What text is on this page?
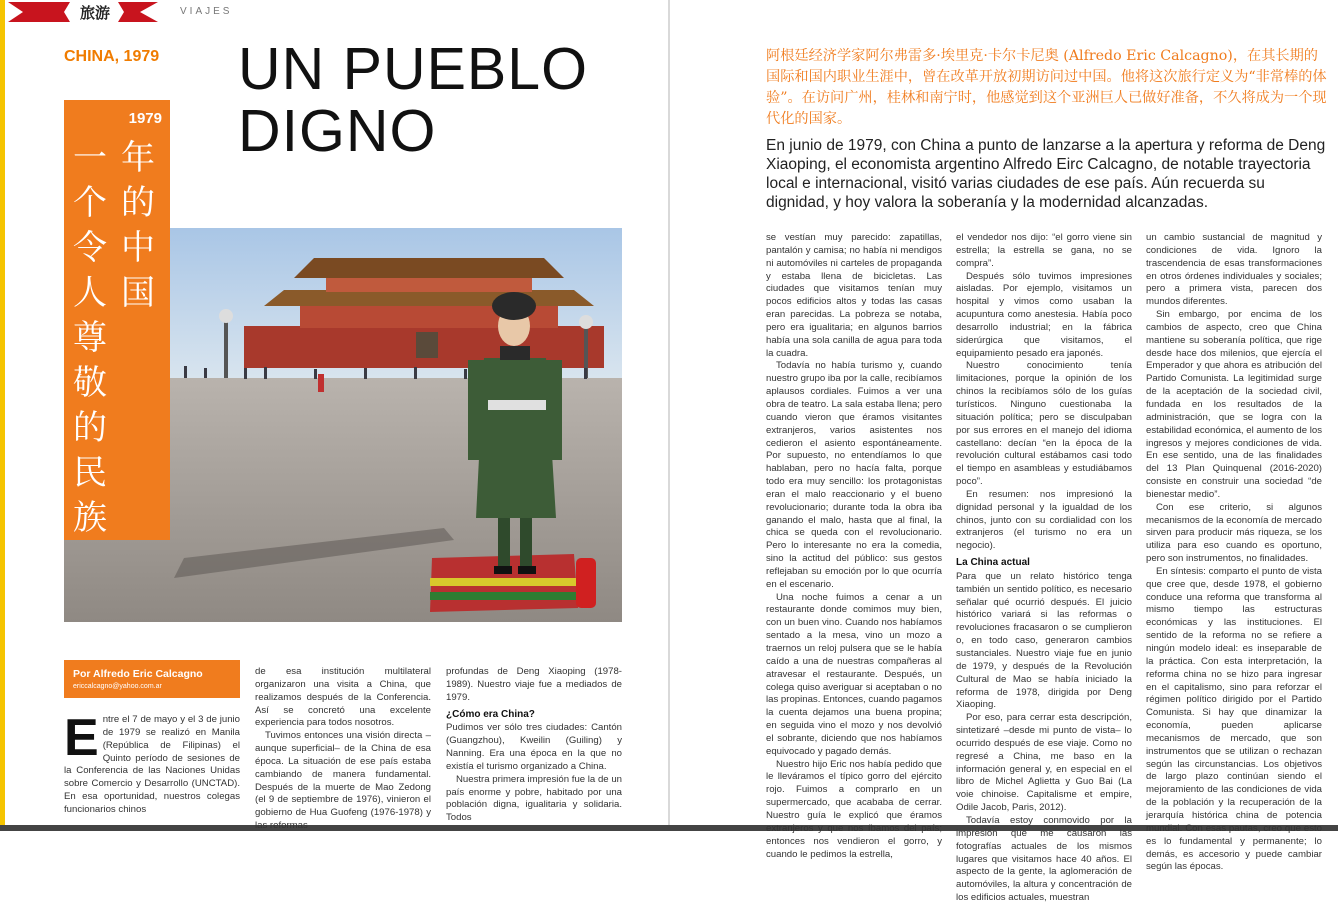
旅游	VIAJES
CHINA, 1979 UN PUEBLO
DIGNO
1979
年
的
中
国
一
个
令
人
尊
敬
的
民
族
Por Alfredo Eric Calcagno
ericcalcagno@yahoo.com.ar
阿根廷经济学家阿尔弗雷多·埃里克·卡尔卡尼奥 (Alfredo Eric Calcagno)，在其长期的国际和国内职业生涯中，曾在改革开放初期访问过中国。他将这次旅行定义为“非常棒的体验”。在访问广州，桂林和南宁时，他感觉到这个亚洲巨人已做好准备，不久将成为一个现代化的国家。
En junio de 1979, con China a punto de lanzarse a la apertura y reforma de Deng Xiaoping, el economista argentino Alfredo Eirc Calcagno, de notable trayectoria local e internacional, visitó varias ciudades de ese país. Aún recuerda su dignidad, y hoy valora la soberanía y la modernidad alcanzadas.

Entre el 7 de mayo y el 3 de junio de 1979 se realizó en Manila (República de Filipinas) el Quinto período de sesiones de la Conferencia de las Naciones Unidas sobre Comercio y Desarrollo (UNCTAD). En esa oportunidad, nuestros colegas funcionarios chinos

de esa institución multilateral organizaron una visita a China, que realizamos después de la Conferencia. Así se concretó una excelente experiencia para todos nosotros.

Tuvimos entonces una visión directa –aunque superficial– de la China de esa época. La situación de ese país estaba cambiando de manera fundamental. Después de la muerte de Mao Zedong (el 9 de septiembre de 1976), vinieron el gobierno de Hua Guofeng (1976-1978) y las reformas

profundas de Deng Xiaoping (1978-1989). Nuestro viaje fue a mediados de 1979.

¿Cómo era China?

Pudimos ver sólo tres ciudades: Cantón (Guangzhou), Kweilin (Guiling) y Nanning. Era una época en la que no existía el turismo organizado a China.

Nuestra primera impresión fue la de un país enorme y pobre, habitado por una población digna, igualitaria y solidaria. Todos

se vestían muy parecido: zapatillas, pantalón y camisa; no había ni mendigos ni automóviles ni carteles de propaganda y estaba llena de bicicletas. Las ciudades que visitamos tenían muy pocos edificios altos y todas las casas eran parecidas. La pobreza se notaba, pero era igualitaria; en algunos barrios había una sola canilla de agua para toda la cuadra.

Todavía no había turismo y, cuando nuestro grupo iba por la calle, recibíamos aplausos cordiales. Fuimos a ver una obra de teatro. La sala estaba llena; pero cuando vieron que éramos visitantes extranjeros, varios asistentes nos cedieron el asiento espontáneamente. Por supuesto, no entendíamos lo que hablaban, pero no hacía falta, porque todo era muy sencillo: los protagonistas eran el malo reaccionario y el bueno revolucionario; durante toda la obra iba ganando el malo, hasta que al final, la chica se queda con el revolucionario. Pero lo interesante no era la comedia, sino la actitud del público: sus gestos reflejaban su emoción por lo que ocurría en el escenario.

Una noche fuimos a cenar a un restaurante donde comimos muy bien, con un buen vino. Cuando nos habíamos sentado a la mesa, vino un mozo a traernos un reloj pulsera que se le había caído a una de nuestras compañeras al atravesar el restaurante. Después, un colega quiso averiguar si aceptaban o no las propinas. Entonces, cuando pagamos la cuenta dejamos una buena propina; en seguida vino el mozo y nos devolvió el sobrante, diciendo que nos habíamos equivocado y pagado demás.

Nuestro hijo Eric nos había pedido que le lleváramos el típico gorro del ejército rojo. Fuimos a comprarlo en un supermercado, que acababa de cerrar. Nuestro guía le explicó que éramos extranjeros y que nos íbamos del país; entonces nos vendieron el gorro, y cuando le pedimos la estrella,

el vendedor nos dijo: “el gorro viene sin estrella; la estrella se gana, no se compra”.

Después sólo tuvimos impresiones aisladas. Por ejemplo, visitamos un hospital y vimos como usaban la acupuntura como anestesia. Había poco desarrollo industrial; en la fábrica siderúrgica que visitamos, el equipamiento pesado era japonés.

Nuestro conocimiento tenía limitaciones, porque la opinión de los chinos la recibíamos sólo de los guías turísticos. Ninguno cuestionaba la situación política; pero se disculpaban por sus errores en el manejo del idioma castellano: decían “en la época de la revolución cultural estábamos casi todo el tiempo en asambleas y estudiábamos poco”.

En resumen: nos impresionó la dignidad personal y la igualdad de los chinos, junto con su cordialidad con los extranjeros (el turismo no era un negocio).

La China actual

Para que un relato histórico tenga también un sentido político, es necesario señalar qué ocurrió después. El juicio histórico variará si las reformas o revoluciones fracasaron o se cumplieron o, en todo caso, generaron cambios sustanciales. Nuestro viaje fue en junio de 1979, y después de la Revolución Cultural de Mao se había iniciado la reforma de 1978, dirigida por Deng Xiaoping.

Por eso, para cerrar esta descripción, sintetizaré –desde mi punto de vista– lo ocurrido después de ese viaje. Como no regresé a China, me baso en la información general y, en especial en el libro de Michel Aglietta y Guo Bai (La voie chinoise. Capitalisme et empire, Odile Jacob, Paris, 2012).

Todavía estoy conmovido por la impresión que me causaron las fotografías actuales de los mismos lugares que visitamos hace 40 años. El aspecto de la gente, la aglomeración de automóviles, la altura y concentración de los edificios actuales, muestran

un cambio sustancial de magnitud y condiciones de vida. Ignoro la trascendencia de esas transformaciones en otros órdenes individuales y sociales; pero a primera vista, parecen dos mundos diferentes.

Sin embargo, por encima de los cambios de aspecto, creo que China mantiene su soberanía política, que rige desde hace dos milenios, que ejercía el Emperador y que ahora es atribución del Partido Comunista. La legitimidad surge de la aceptación de la sociedad civil, fundada en los resultados de la administración, que se logra con la estabilidad económica, el aumento de los ingresos y mejores condiciones de vida. En ese sentido, una de las finalidades del 13 Plan Quinquenal (2016-2020) consiste en construir una sociedad “de bienestar medio”.

Con ese criterio, si algunos mecanismos de la economía de mercado sirven para producir más riqueza, se los utiliza para eso cuando es oportuno, pero son instrumentos, no finalidades.

En síntesis: comparto el punto de vista que cree que, desde 1978, el gobierno conduce una reforma que transforma al mismo tiempo las estructuras económicas y las instituciones. El sentido de la reforma no se refiere a ningún modelo ideal: es inseparable de la práctica. Con esta interpretación, la reforma china no se hizo para ingresar en el capitalismo, sino para reforzar el régimen político dirigido por el Partido Comunista. Si hay que dinamizar la economía, pueden aplicarse mecanismos de mercado, que son instrumentos que se utilizan o rechazan según las circunstancias. Los objetivos de largo plazo continúan siendo el mejoramiento de las condiciones de vida de la población y la recuperación de la jerarquía histórica china de potencia mundial. Con esas pautas, creo que esto es lo fundamental y permanente; lo demás, es accesorio y puede cambiar según las épocas.
